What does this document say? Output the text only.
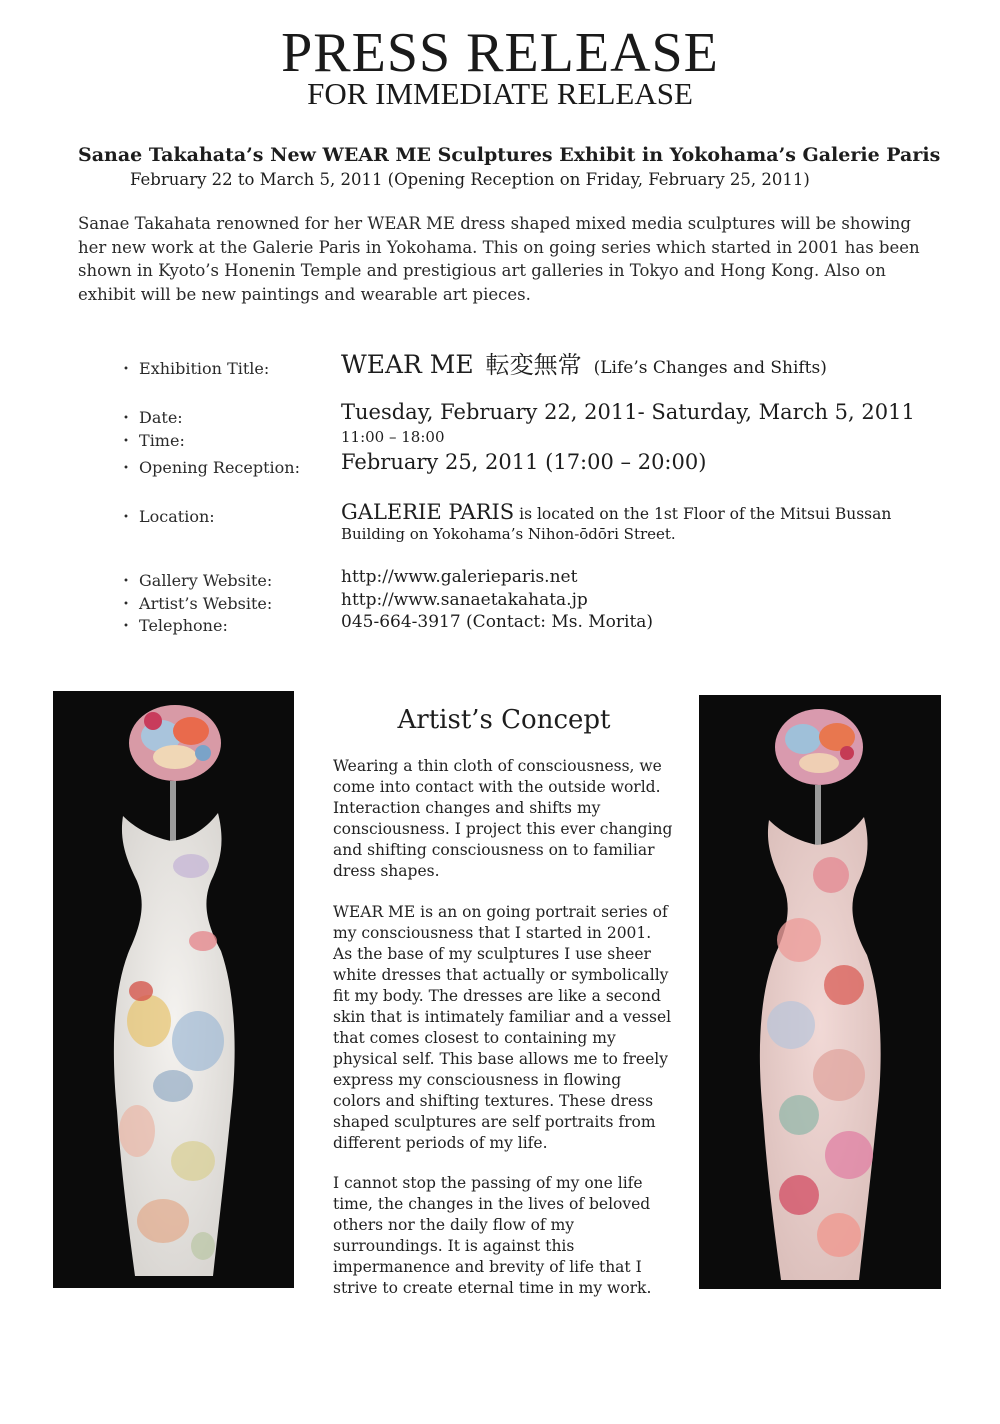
PRESS RELEASE
FOR IMMEDIATE RELEASE
Sanae Takahata’s New WEAR ME Sculptures Exhibit in Yokohama’s Galerie Paris
February 22 to March 5, 2011 (Opening Reception on Friday, February 25, 2011)
Sanae Takahata renowned for her WEAR ME dress shaped mixed media sculptures will be showing her new work at the Galerie Paris in Yokohama. This on going series which started in 2001 has been shown in Kyoto’s Honenin Temple and prestigious art galleries in Tokyo and Hong Kong. Also on exhibit will be new paintings and wearable art pieces.
・ Exhibition Title:	WEAR ME 転変無常 (Life’s Changes and Shifts)
・ Date:	Tuesday, February 22, 2011- Saturday, March 5, 2011
・ Time:	11:00 – 18:00
・ Opening Reception: February 25, 2011 (17:00 – 20:00)
・ Location:	GALERIE PARIS is located on the 1st Floor of the Mitsui Bussan
Building on Yokohama’s Nihon-ōdōri Street.
・ Gallery Website:	http://www.galerieparis.net
・ Artist’s Website:	http://www.sanaetakahata.jp
・ Telephone:	045-664-3917 (Contact: Ms. Morita)
Artist’s Concept

Wearing a thin cloth of consciousness, we come into contact with the outside world. Interaction changes and shifts my consciousness. I project this ever changing and shifting consciousness on to familiar dress shapes.

WEAR ME is an on going portrait series of my consciousness that I started in 2001. As the base of my sculptures I use sheer white dresses that actually or symbolically fit my body. The dresses are like a second skin that is intimately familiar and a vessel that comes closest to containing my physical self. This base allows me to freely express my consciousness in flowing colors and shifting textures. These dress shaped sculptures are self portraits from different periods of my life.

I cannot stop the passing of my one life time, the changes in the lives of beloved others nor the daily flow of my surroundings. It is against this impermanence and brevity of life that I strive to create eternal time in my work.
